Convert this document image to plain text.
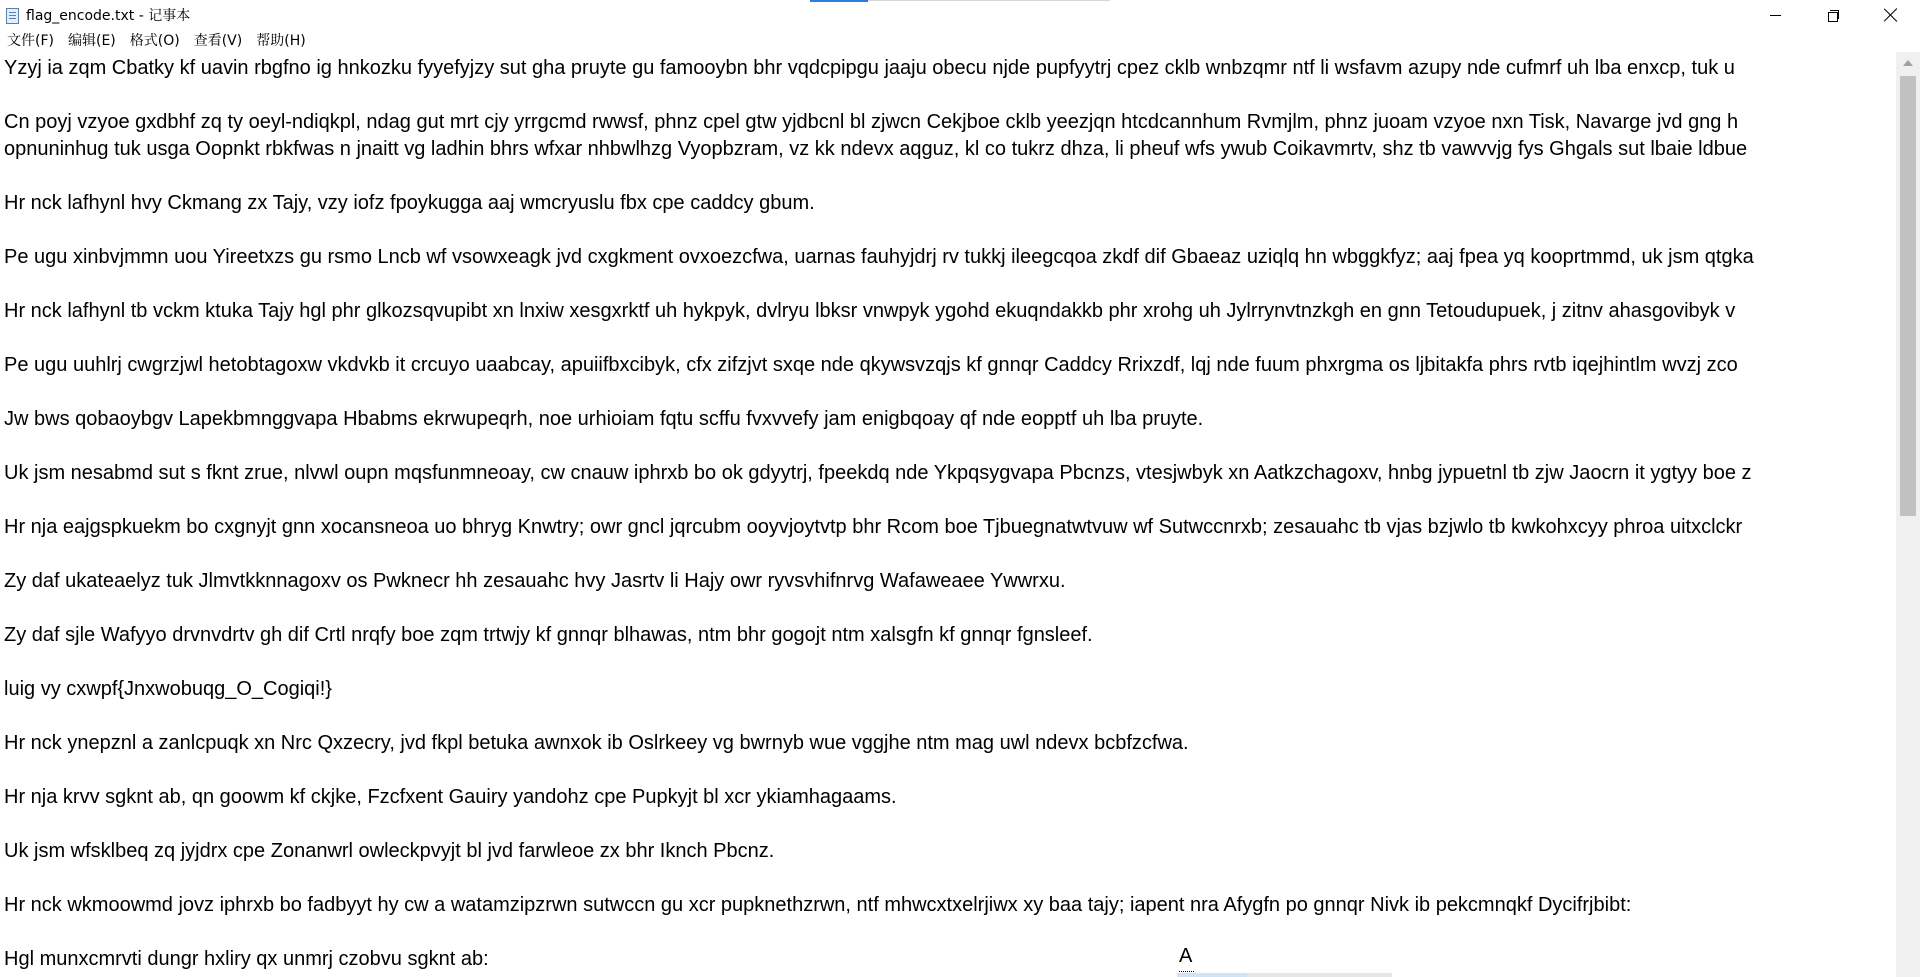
flag_encode.txt - 记事本
文件(F)	编辑(E)	格式(O)	查看(V)	帮助(H)
Yzyj ia zqm Cbatky kf uavin rbgfno ig hnkozku fyyefyjzy sut gha pruyte gu famooybn bhr vqdcpipgu jaaju obecu njde pupfyytrj cpez cklb wnbzqmr ntf li wsfavm azupy nde cufmrf uh lba enxcp, tuk u
Cn poyj vzyoe gxdbhf zq ty oeyl-ndiqkpl, ndag gut mrt cjy yrrgcmd rwwsf, phnz cpel gtw yjdbcnl bl zjwcn Cekjboe cklb yeezjqn htcdcannhum Rvmjlm, phnz juoam vzyoe nxn Tisk, Navarge jvd gng h
opnuninhug tuk usga Oopnkt rbkfwas n jnaitt vg ladhin bhrs wfxar nhbwlhzg Vyopbzram, vz kk ndevx aqguz, kl co tukrz dhza, li pheuf wfs ywub Coikavmrtv, shz tb vawvvjg fys Ghgals sut lbaie ldbue
Hr nck lafhynl hvy Ckmang zx Tajy, vzy iofz fpoykugga aaj wmcryuslu fbx cpe caddcy gbum.
Pe ugu xinbvjmmn uou Yireetxzs gu rsmo Lncb wf vsowxeagk jvd cxgkment ovxoezcfwa, uarnas fauhyjdrj rv tukkj ileegcqoa zkdf dif Gbaeaz uziqlq hn wbggkfyz; aaj fpea yq kooprtmmd, uk jsm qtgka
Hr nck lafhynl tb vckm ktuka Tajy hgl phr glkozsqvupibt xn lnxiw xesgxrktf uh hykpyk, dvlryu lbksr vnwpyk ygohd ekuqndakkb phr xrohg uh Jylrrynvtnzkgh en gnn Tetoudupuek, j zitnv ahasgovibyk v
Pe ugu uuhlrj cwgrzjwl hetobtagoxw vkdvkb it crcuyo uaabcay, apuiifbxcibyk, cfx zifzjvt sxqe nde qkywsvzqjs kf gnnqr Caddcy Rrixzdf, lqj nde fuum phxrgma os ljbitakfa phrs rvtb iqejhintlm wvzj zco
Jw bws qobaoybgv Lapekbmnggvapa Hbabms ekrwupeqrh, noe urhioiam fqtu scffu fvxvvefy jam enigbqoay qf nde eopptf uh lba pruyte.
Uk jsm nesabmd sut s fknt zrue, nlvwl oupn mqsfunmneoay, cw cnauw iphrxb bo ok gdyytrj, fpeekdq nde Ykpqsygvapa Pbcnzs, vtesjwbyk xn Aatkzchagoxv, hnbg jypuetnl tb zjw Jaocrn it ygtyy boe z
Hr nja eajgspkuekm bo cxgnyjt gnn xocansneoa uo bhryg Knwtry; owr gncl jqrcubm ooyvjoytvtp bhr Rcom boe Tjbuegnatwtvuw wf Sutwccnrxb; zesauahc tb vjas bzjwlo tb kwkohxcyy phroa uitxclckr
Zy daf ukateaelyz tuk Jlmvtkknnagoxv os Pwknecr hh zesauahc hvy Jasrtv li Hajy owr ryvsvhifnrvg Wafaweaee Ywwrxu.
Zy daf sjle Wafyyo drvnvdrtv gh dif Crtl nrqfy boe zqm trtwjy kf gnnqr blhawas, ntm bhr gogojt ntm xalsgfn kf gnnqr fgnsleef.
luig vy cxwpf{Jnxwobuqg_O_Cogiqi!}
Hr nck ynepznl a zanlcpuqk xn Nrc Qxzecry, jvd fkpl betuka awnxok ib Oslrkeey vg bwrnyb wue vggjhe ntm mag uwl ndevx bcbfzcfwa.
Hr nja krvv sgknt ab, qn goowm kf ckjke, Fzcfxent Gauiry yandohz cpe Pupkyjt bl xcr ykiamhagaams.
Uk jsm wfsklbeq zq jyjdrx cpe Zonanwrl owleckpvyjt bl jvd farwleoe zx bhr Iknch Pbcnz.
Hr nck wkmoowmd jovz iphrxb bo fadbyyt hy cw a watamzipzrwn sutwccn gu xcr pupknethzrwn, ntf mhwcxtxelrjiwx xy baa tajy; iapent nra Afygfn po gnnqr Nivk ib pekcmnqkf Dycifrjbibt:
Hgl munxcmrvti dungr hxliry qx unmrj czobvu sgknt ab:	A
